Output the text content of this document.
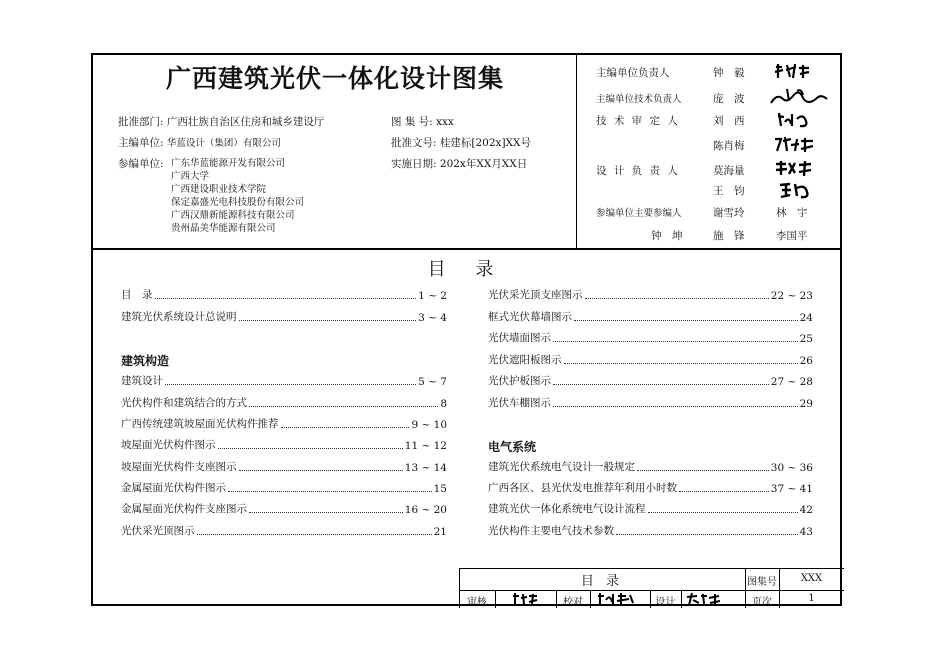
广西建筑光伏一体化设计图集
批准部门: 广西壮族自治区住房和城乡建设厅
主编单位: 华蓝设计（集团）有限公司
参编单位: 广东华蓝能源开发有限公司
广西大学
广西建设职业技术学院
保定嘉盛光电科技股份有限公司
广西汉鼎新能源科技有限公司
贵州晶美华能源有限公司
图 集 号: xxx
批准文号: 桂建标[202x]XX号
实施日期: 202x年XX月XX日
主编单位负责人	钟　毅
主编单位技术负责人	庞　波
技 术 审 定 人	刘　西
陈肖梅
设 计 负 责 人	莫海量
王　钧
参编单位主要参编人	谢雪玲	林　宇
钟　坤	施　锋	李国平
目 录
目　录	1 ~ 2
建筑光伏系统设计总说明	3 ~ 4
建筑构造
建筑设计	5 ~ 7
光伏构件和建筑结合的方式	8
广西传统建筑坡屋面光伏构件推荐	9 ~ 10
坡屋面光伏构件图示	11 ~ 12
坡屋面光伏构件支座图示	13 ~ 14
金属屋面光伏构件图示	15
金属屋面光伏构件支座图示	16 ~ 20
光伏采光顶图示	21
光伏采光顶支座图示	22 ~ 23
框式光伏幕墙图示	24
光伏墙面图示	25
光伏遮阳板图示	26
光伏护板图示	27 ~ 28
光伏车棚图示	29
电气系统
建筑光伏系统电气设计一般规定	30 ~ 36
广西各区、县光伏发电推荐年利用小时数	37 ~ 41
建筑光伏一体化系统电气设计流程	42
光伏构件主要电气技术参数	43
目 录	图集号	XXX
审核	校对	设计	页次	1
